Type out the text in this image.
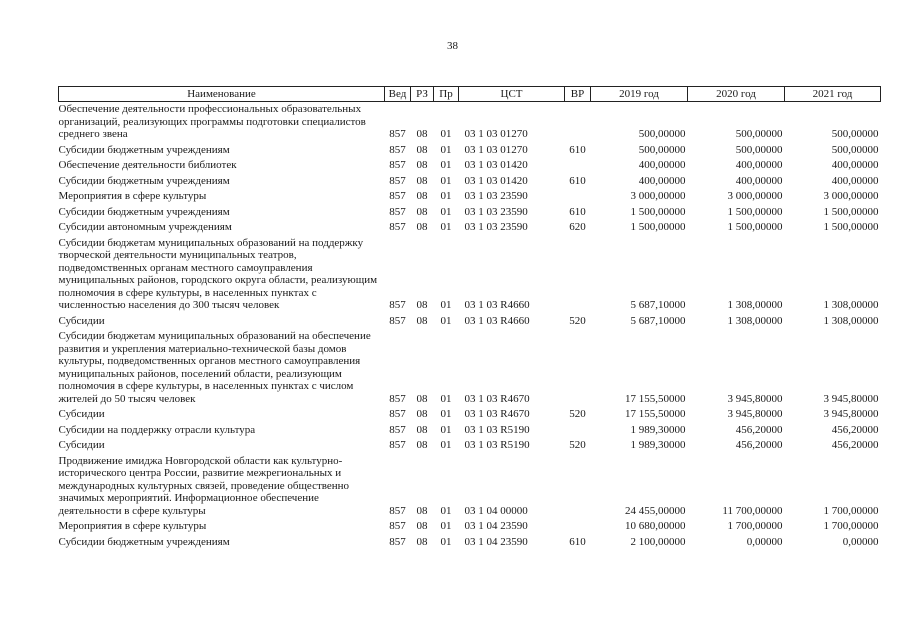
38
Наименование	Вед	РЗ	Пр	ЦСТ	ВР	2019 год	2020 год	2021 год
Обеспечение деятельности профессиональных образовательных организаций, реализующих программы подготовки специалистов среднего звена	857	08	01	03 1 03 01270		500,00000	500,00000	500,00000
Субсидии бюджетным учреждениям	857	08	01	03 1 03 01270	610	500,00000	500,00000	500,00000
Обеспечение деятельности библиотек	857	08	01	03 1 03 01420		400,00000	400,00000	400,00000
Субсидии бюджетным учреждениям	857	08	01	03 1 03 01420	610	400,00000	400,00000	400,00000
Мероприятия в сфере культуры	857	08	01	03 1 03 23590		3 000,00000	3 000,00000	3 000,00000
Субсидии бюджетным учреждениям	857	08	01	03 1 03 23590	610	1 500,00000	1 500,00000	1 500,00000
Субсидии автономным учреждениям	857	08	01	03 1 03 23590	620	1 500,00000	1 500,00000	1 500,00000
Субсидии бюджетам муниципальных образований на поддержку творческой деятельности муниципальных театров, подведомственных органам местного самоуправления муниципальных районов, городского округа области, реализующим полномочия в сфере культуры, в населенных пунктах с численностью населения до 300 тысяч человек	857	08	01	03 1 03 R4660		5 687,10000	1 308,00000	1 308,00000
Субсидии	857	08	01	03 1 03 R4660	520	5 687,10000	1 308,00000	1 308,00000
Субсидии бюджетам муниципальных образований на обеспечение развития и укрепления материально-технической базы домов культуры, подведомственных органов местного самоуправления муниципальных районов, поселений области, реализующим полномочия в сфере культуры, в населенных пунктах с числом жителей до 50 тысяч человек	857	08	01	03 1 03 R4670		17 155,50000	3 945,80000	3 945,80000
Субсидии	857	08	01	03 1 03 R4670	520	17 155,50000	3 945,80000	3 945,80000
Субсидии на поддержку отрасли культура	857	08	01	03 1 03 R5190		1 989,30000	456,20000	456,20000
Субсидии	857	08	01	03 1 03 R5190	520	1 989,30000	456,20000	456,20000
Продвижение имиджа Новгородской области как культурно-исторического центра России, развитие межрегиональных и международных культурных связей, проведение общественно значимых мероприятий. Информационное обеспечение деятельности в сфере культуры	857	08	01	03 1 04 00000		24 455,00000	11 700,00000	1 700,00000
Мероприятия в сфере культуры	857	08	01	03 1 04 23590		10 680,00000	1 700,00000	1 700,00000
Субсидии бюджетным учреждениям	857	08	01	03 1 04 23590	610	2 100,00000	0,00000	0,00000
